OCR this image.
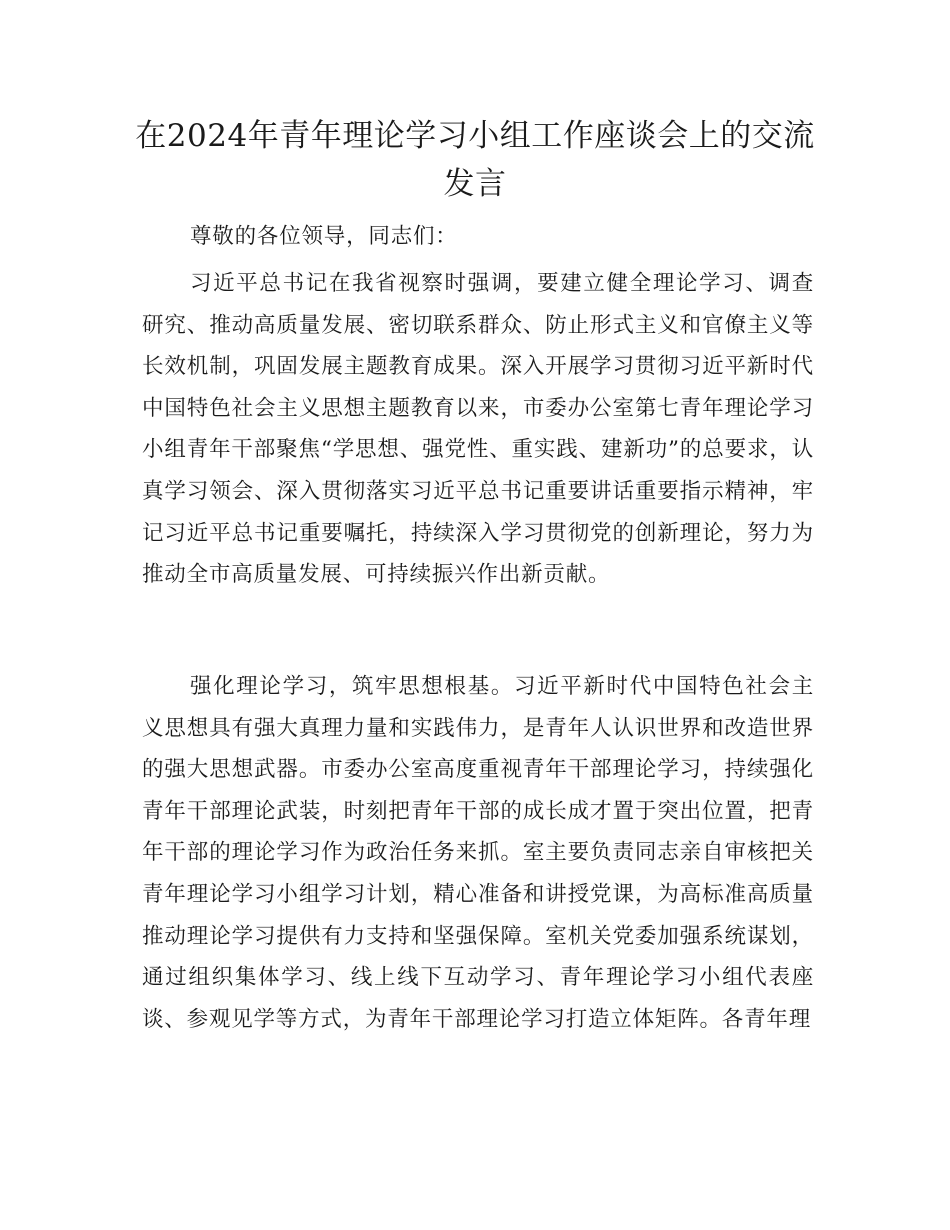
在2024年青年理论学习小组工作座谈会上的交流发言

尊敬的各位领导，同志们：

习近平总书记在我省视察时强调，要建立健全理论学习、调查研究、推动高质量发展、密切联系群众、防止形式主义和官僚主义等长效机制，巩固发展主题教育成果。深入开展学习贯彻习近平新时代中国特色社会主义思想主题教育以来，市委办公室第七青年理论学习小组青年干部聚焦“学思想、强党性、重实践、建新功”的总要求，认真学习领会、深入贯彻落实习近平总书记重要讲话重要指示精神，牢记习近平总书记重要嘱托，持续深入学习贯彻党的创新理论，努力为推动全市高质量发展、可持续振兴作出新贡献。

强化理论学习，筑牢思想根基。习近平新时代中国特色社会主义思想具有强大真理力量和实践伟力，是青年人认识世界和改造世界的强大思想武器。市委办公室高度重视青年干部理论学习，持续强化青年干部理论武装，时刻把青年干部的成长成才置于突出位置，把青年干部的理论学习作为政治任务来抓。室主要负责同志亲自审核把关青年理论学习小组学习计划，精心准备和讲授党课，为高标准高质量推动理论学习提供有力支持和坚强保障。室机关党委加强系统谋划，通过组织集体学习、线上线下互动学习、青年理论学习小组代表座谈、参观见学等方式，为青年干部理论学习打造立体矩阵。各青年理
